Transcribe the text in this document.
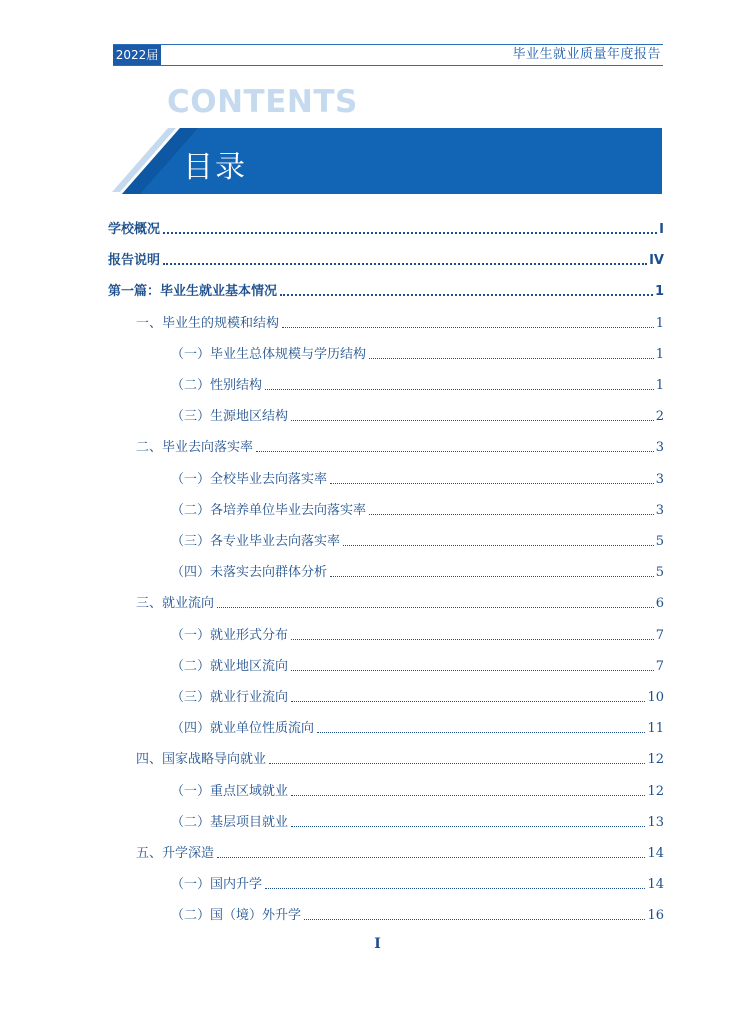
2022届	毕业生就业质量年度报告
CONTENTS
目录
学校概况	I
报告说明	IV
第一篇：毕业生就业基本情况	1
一、毕业生的规模和结构	1
（一）毕业生总体规模与学历结构	1
（二）性别结构	1
（三）生源地区结构	2
二、毕业去向落实率	3
（一）全校毕业去向落实率	3
（二）各培养单位毕业去向落实率	3
（三）各专业毕业去向落实率	5
（四）未落实去向群体分析	5
三、就业流向	6
（一）就业形式分布	7
（二）就业地区流向	7
（三）就业行业流向	10
（四）就业单位性质流向	11
四、国家战略导向就业	12
（一）重点区域就业	12
（二）基层项目就业	13
五、升学深造	14
（一）国内升学	14
（二）国（境）外升学	16
I
